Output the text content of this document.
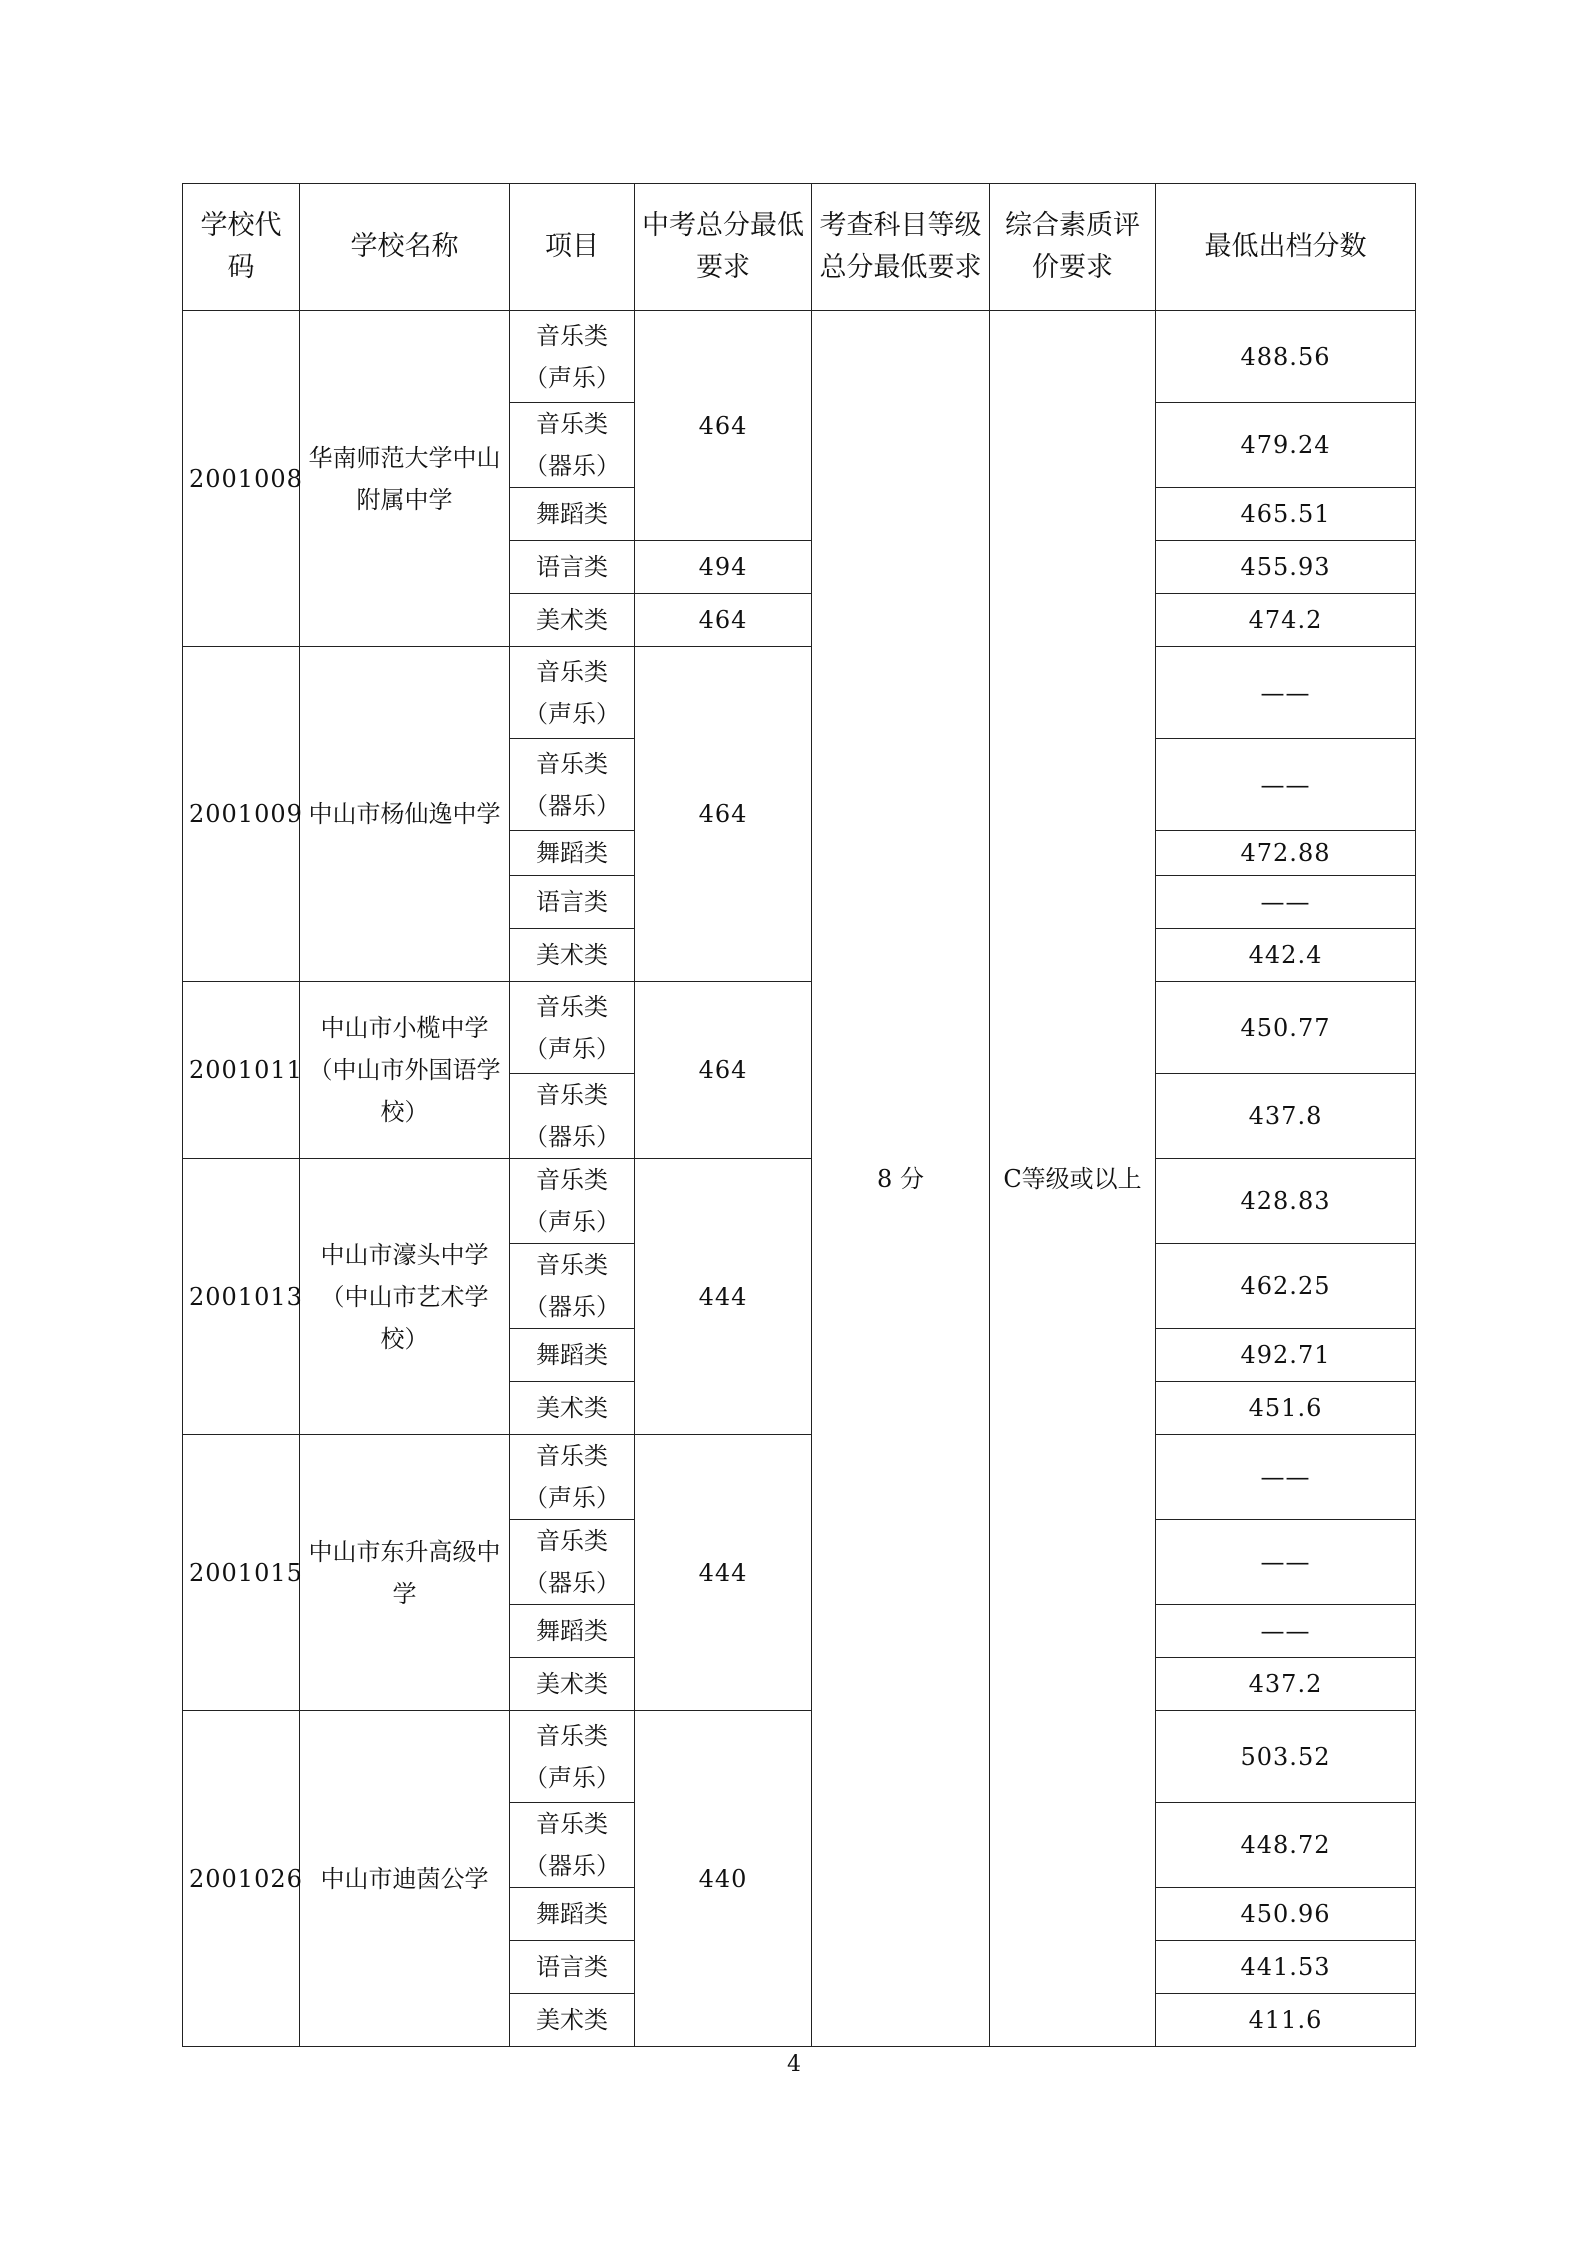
学校代码	学校名称	项目	中考总分最低要求	考查科目等级总分最低要求	综合素质评价要求	最低出档分数
2001008	华南师范大学中山附属中学	音乐类（声乐）	464	8 分	C等级或以上	488.56
		音乐类（器乐）				479.24
		舞蹈类				465.51
		语言类	494			455.93
		美术类	464			474.2
2001009	中山市杨仙逸中学	音乐类（声乐）	464			——
		音乐类（器乐）				——
		舞蹈类				472.88
		语言类				——
		美术类				442.4
2001011	中山市小榄中学（中山市外国语学校）	音乐类（声乐）	464			450.77
		音乐类（器乐）				437.8
2001013	中山市濠头中学（中山市艺术学校）	音乐类（声乐）	444			428.83
		音乐类（器乐）				462.25
		舞蹈类				492.71
		美术类				451.6
2001015	中山市东升高级中学	音乐类（声乐）	444			——
		音乐类（器乐）				——
		舞蹈类				——
		美术类				437.2
2001026	中山市迪茵公学	音乐类（声乐）	440			503.52
		音乐类（器乐）				448.72
		舞蹈类				450.96
		语言类				441.53
		美术类				411.6
4
